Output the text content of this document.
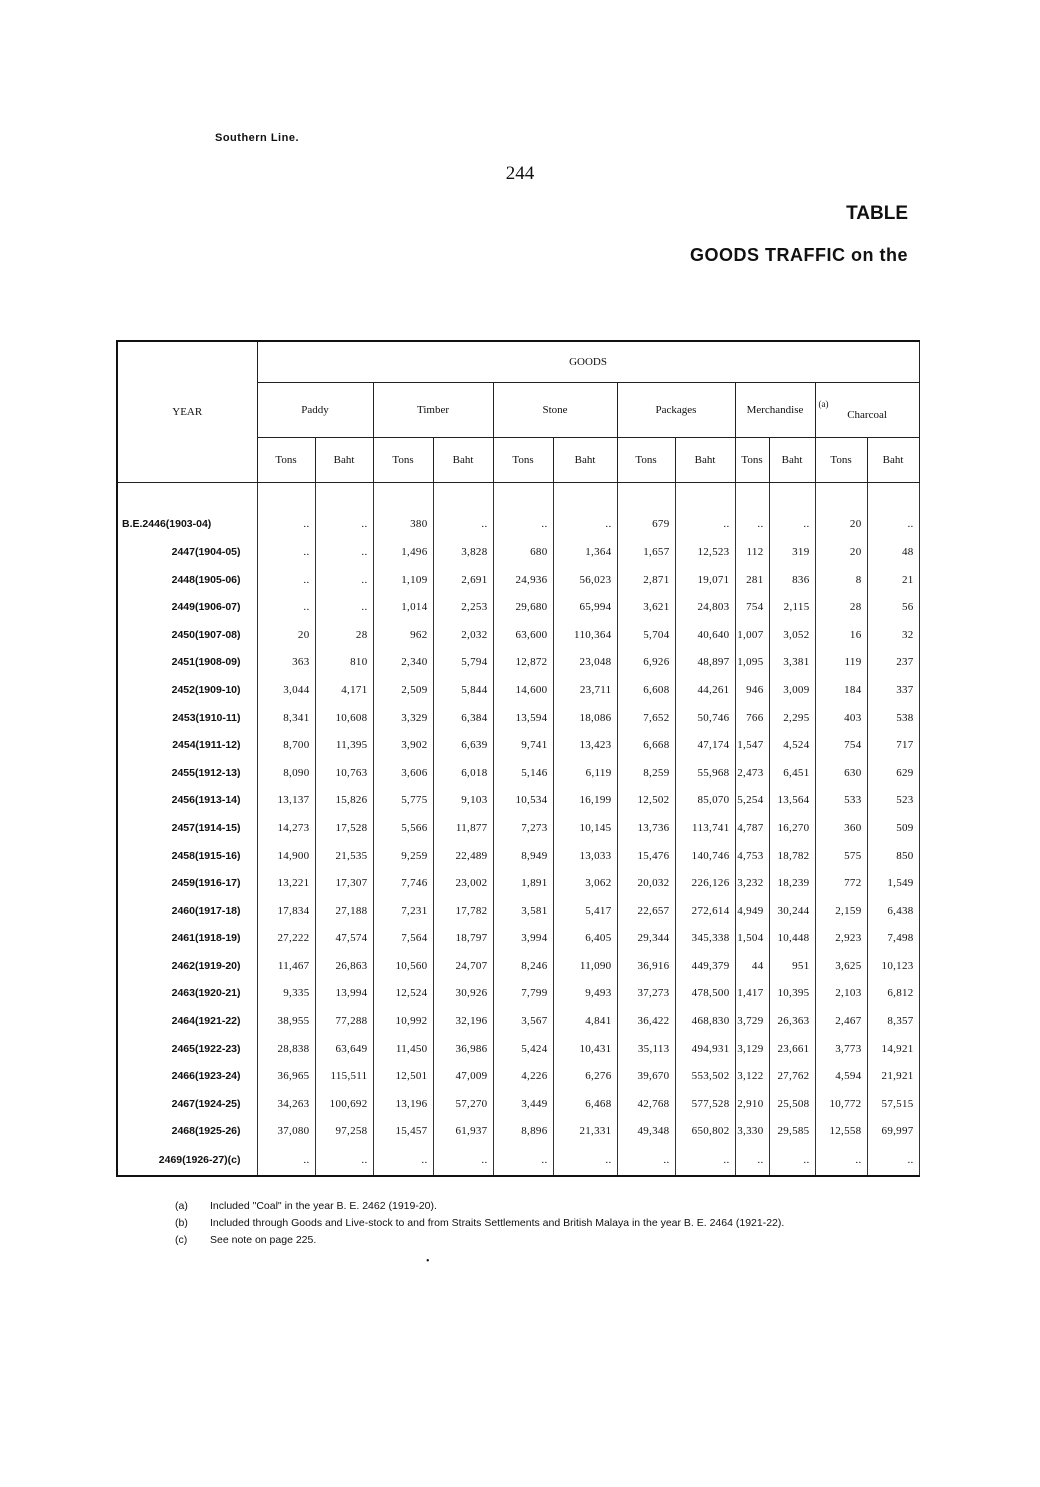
Southern Line.
244
TABLE
GOODS TRAFFIC on the
YEAR	GOODS											
	Paddy		Timber		Stone		Packages		Merchandise		(a)
Charcoal	

	Tons	Baht	Tons	Baht	Tons	Baht	Tons	Baht	Tons	Baht	Tons	Baht

B.E.2446(1903-04)	..	..	380	..	..	..	679	..	..	..	20	..
2447(1904-05)	..	..	1,496	3,828	680	1,364	1,657	12,523	112	319	20	48
2448(1905-06)	..	..	1,109	2,691	24,936	56,023	2,871	19,071	281	836	8	21
2449(1906-07)	..	..	1,014	2,253	29,680	65,994	3,621	24,803	754	2,115	28	56
2450(1907-08)	20	28	962	2,032	63,600	110,364	5,704	40,640	1,007	3,052	16	32
2451(1908-09)	363	810	2,340	5,794	12,872	23,048	6,926	48,897	1,095	3,381	119	237
2452(1909-10)	3,044	4,171	2,509	5,844	14,600	23,711	6,608	44,261	946	3,009	184	337
2453(1910-11)	8,341	10,608	3,329	6,384	13,594	18,086	7,652	50,746	766	2,295	403	538
2454(1911-12)	8,700	11,395	3,902	6,639	9,741	13,423	6,668	47,174	1,547	4,524	754	717
2455(1912-13)	8,090	10,763	3,606	6,018	5,146	6,119	8,259	55,968	2,473	6,451	630	629
2456(1913-14)	13,137	15,826	5,775	9,103	10,534	16,199	12,502	85,070	5,254	13,564	533	523
2457(1914-15)	14,273	17,528	5,566	11,877	7,273	10,145	13,736	113,741	4,787	16,270	360	509
2458(1915-16)	14,900	21,535	9,259	22,489	8,949	13,033	15,476	140,746	4,753	18,782	575	850
2459(1916-17)	13,221	17,307	7,746	23,002	1,891	3,062	20,032	226,126	3,232	18,239	772	1,549
2460(1917-18)	17,834	27,188	7,231	17,782	3,581	5,417	22,657	272,614	4,949	30,244	2,159	6,438
2461(1918-19)	27,222	47,574	7,564	18,797	3,994	6,405	29,344	345,338	1,504	10,448	2,923	7,498
2462(1919-20)	11,467	26,863	10,560	24,707	8,246	11,090	36,916	449,379	44	951	3,625	10,123
2463(1920-21)	9,335	13,994	12,524	30,926	7,799	9,493	37,273	478,500	1,417	10,395	2,103	6,812
2464(1921-22)	38,955	77,288	10,992	32,196	3,567	4,841	36,422	468,830	3,729	26,363	2,467	8,357
2465(1922-23)	28,838	63,649	11,450	36,986	5,424	10,431	35,113	494,931	3,129	23,661	3,773	14,921
2466(1923-24)	36,965	115,511	12,501	47,009	4,226	6,276	39,670	553,502	3,122	27,762	4,594	21,921
2467(1924-25)	34,263	100,692	13,196	57,270	3,449	6,468	42,768	577,528	2,910	25,508	10,772	57,515
2468(1925-26)	37,080	97,258	15,457	61,937	8,896	21,331	49,348	650,802	3,330	29,585	12,558	69,997
2469(1926-27)(c)	..	..	..	..	..	..	..	..	..	..	..	..
(a)	Included "Coal" in the year B. E. 2462 (1919-20).
(b)	Included through Goods and Live-stock to and from Straits Settlements and British Malaya in the year B. E. 2464 (1921-22).
(c)	See note on page 225.
•
